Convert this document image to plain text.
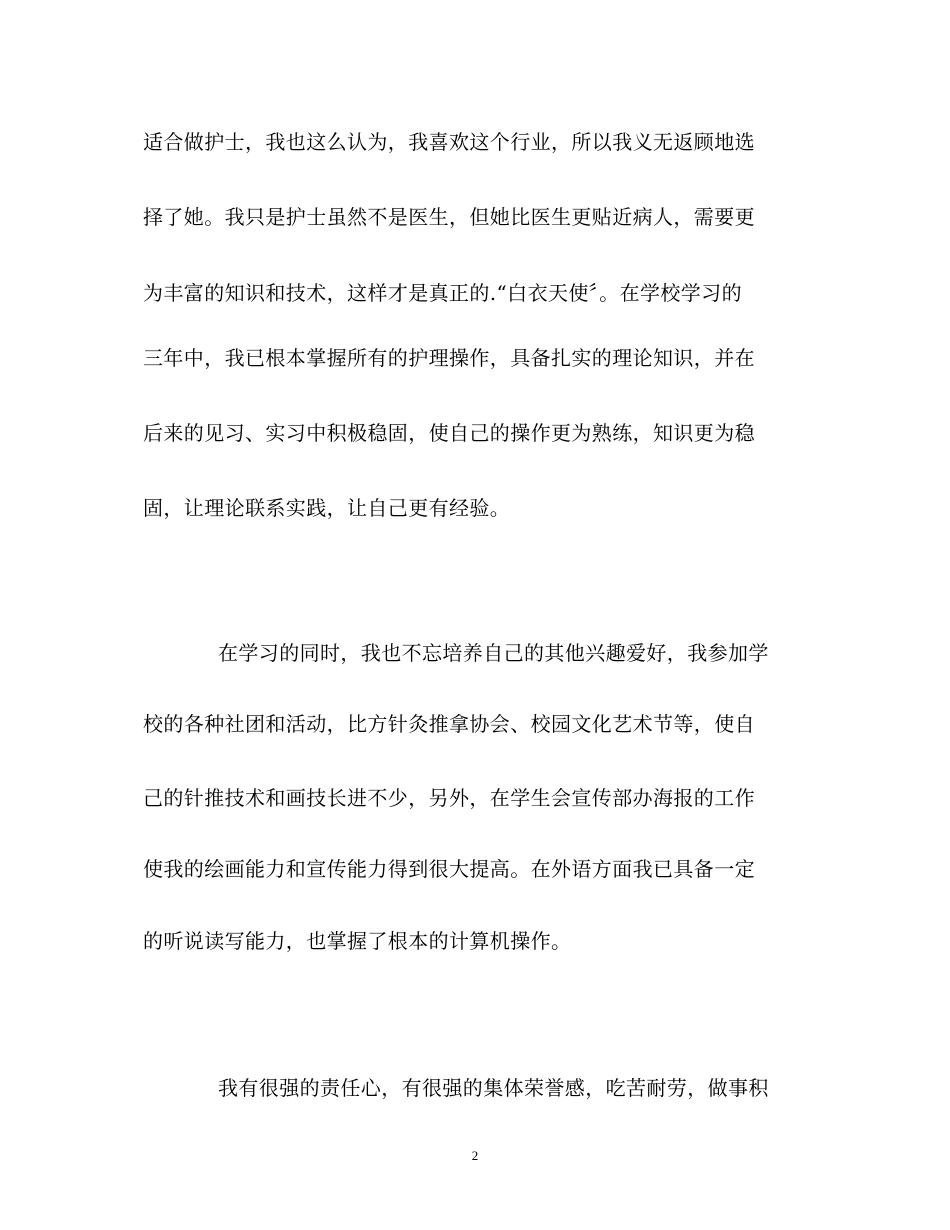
适合做护士，我也这么认为，我喜欢这个行业，所以我义无返顾地选
择了她。我只是护士虽然不是医生，但她比医生更贴近病人，需要更
为丰富的知识和技术，这样才是真正的.“白衣天使〞。在学校学习的
三年中，我已根本掌握所有的护理操作，具备扎实的理论知识，并在
后来的见习、实习中积极稳固，使自己的操作更为熟练，知识更为稳
固，让理论联系实践，让自己更有经验。
在学习的同时，我也不忘培养自己的其他兴趣爱好，我参加学
校的各种社团和活动，比方针灸推拿协会、校园文化艺术节等，使自
己的针推技术和画技长进不少，另外，在学生会宣传部办海报的工作
使我的绘画能力和宣传能力得到很大提高。在外语方面我已具备一定
的听说读写能力，也掌握了根本的计算机操作。
我有很强的责任心，有很强的集体荣誉感，吃苦耐劳，做事积
2
